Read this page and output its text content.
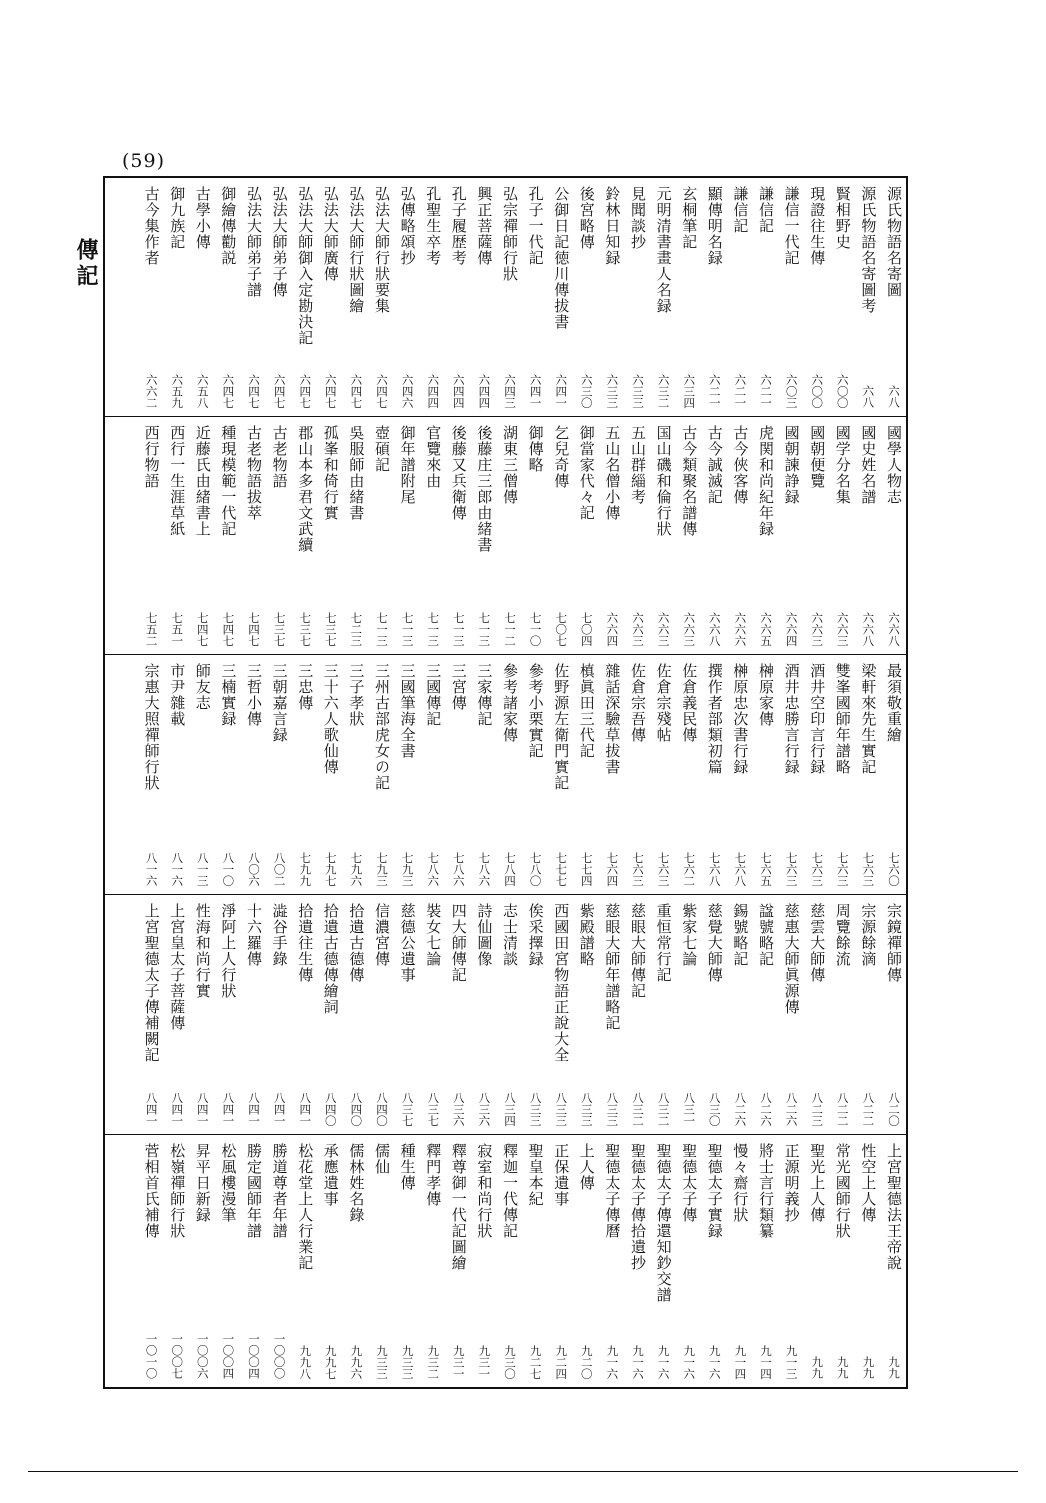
(59)
傳記	源氏物語名寄圖
六八
源氏物語名寄圖考
六八
賢相野史
六〇〇
現證往生傳
六〇〇
謙信一代記
六〇三
謙信記
六二一
謙信記
六二一
顯傳明名録
六二一
玄桐筆記
六三四
元明清書畫人名録
六三二
見聞談抄
六三三
鈴林日知録
六三三
後宮略傳
六三〇
公御日記徳川傳拔書
六四一
孔子一代記
六四一
弘宗禪師行狀
六四三
興正菩薩傳
六四四
孔子履歴考
六四四
孔聖生卒考
六四四
弘傳略頌抄
六四六
弘法大師行狀要集
六四七
弘法大師行狀圖繪
六四七
弘法大師廣傳
六四七
弘法大師御入定勘決記
六四七
弘法大師弟子傳
六四七
弘法大師弟子譜
六四七
御繪傳勸説
六四七
古學小傳
六五八
御九族記
六五九
古今集作者
六六二
國學人物志
六六八
國史姓名譜
六六八
國学分名集
六六三
國朝便覽
六六三
國朝諫諍録
六六四
虎関和尚紀年録
六六五
古今俠客傳
六六六
古今誠滅記
六六八
古今類聚名譜傳
六六三
国山磯和倫行狀
六六三
五山群緇考
六六三
五山名僧小傳
六六四
御當家代々記
七〇四
乞兒奇傳
七〇七
御傳略
七一〇
湖東三僧傳
七一二
後藤庄三郎由緒書
七一三
後藤又兵衛傳
七一三
官覽來由
七一三
御年譜附尾
七一三
壺碩記
七一三
吳服師由緒書
七二三
孤峯和倚行實
七三七
郡山本多君文武續
七三七
古老物語
七三七
古老物語拔萃
七四七
種現模範一代記
七四七
近藤氏由緒書上
七四七
西行一生涯草紙
七五一
西行物語
七五二
最須敬重繪
七六〇
梁軒來先生實記
七六三
雙峯國師年譜略
七六三
酒井空印言行録
七六三
酒井忠勝言行録
七六三
榊原家傳
七六五
榊原忠次書行録
七六八
撰作者部類初篇
七六八
佐倉義民傳
七六二
佐倉宗殘帖
七六三
佐倉宗吾傳
七六三
雜話深驗草拔書
七六四
槙眞田三代記
七七四
佐野源左衛門實記
七七七
參考小栗實記
七八〇
參考諸家傳
七八四
三家傳記
七八六
三宮傳
七八六
三國傳記
七八六
三國筆海全書
七九三
三州古部虎女の記
七九三
三子孝狀
七九六
三十六人歌仙傳
七九七
三忠傳
七九九
三朝嘉言録
八〇二
三哲小傳
八〇六
三楠實録
八一〇
師友志
八一三
市尹雜載
八一六
宗惠大照禪師行狀
八一六
宗鏡禪師傳
八二〇
宗源餘滴
八二二
周覽餘流
八二二
慈雲大師傳
八二三
慈惠大師眞源傳
八二六
諡號略記
八二六
錫號略記
八二六
慈覺大師傳
八三〇
紫家七論
八三一
重恒常行記
八三二
慈眼大師傳記
八三二
慈眼大師年譜略記
八三三
紫殿譜略
八三三
西國田宮物語正說大全
八三三
俟采擇録
八三三
志士清談
八三四
詩仙圖像
八三六
四大師傳記
八三六
裝女七論
八三七
慈德公遺事
八三七
信濃宮傳
八四〇
拾遺古德傳
八四〇
拾遺古德傳繪詞
八四〇
拾遺往生傳
八四一
澁谷手錄
八四一
十六羅傳
八四一
淨阿上人行狀
八四一
性海和尚行實
八四一
上宮皇太子菩薩傳
八四一
上宮聖德太子傳補闕記
八四一
上宮聖德法王帝說
九九
性空上人傳
九九
常光國師行狀
九九
聖光上人傳
九九
正源明義抄
九一三
將士言行類纂
九一四
慢々齋行狀
九一四
聖德太子實録
九一六
聖德太子傳
九一六
聖德太子傳還知鈔交譜
九一六
聖德太子傳拾遺抄
九一六
聖德太子傳曆
九一六
上人傳
九二〇
正保遺事
九二四
聖皇本紀
九二七
釋迦一代傳記
九三〇
寂室和尚行狀
九三一
釋尊御一代記圖繪
九三一
釋門孝傳
九三二
種生傳
九三三
儒仙
九三三
儒林姓名錄
九九六
承應遺事
九九七
松花堂上人行業記
九九八
勝道尊者年譜
一〇〇〇
勝定國師年譜
一〇〇四
松風樓漫筆
一〇〇四
昇平日新録
一〇〇六
松嶺禪師行狀
一〇〇七
菅相首氏補傳
一〇一〇
